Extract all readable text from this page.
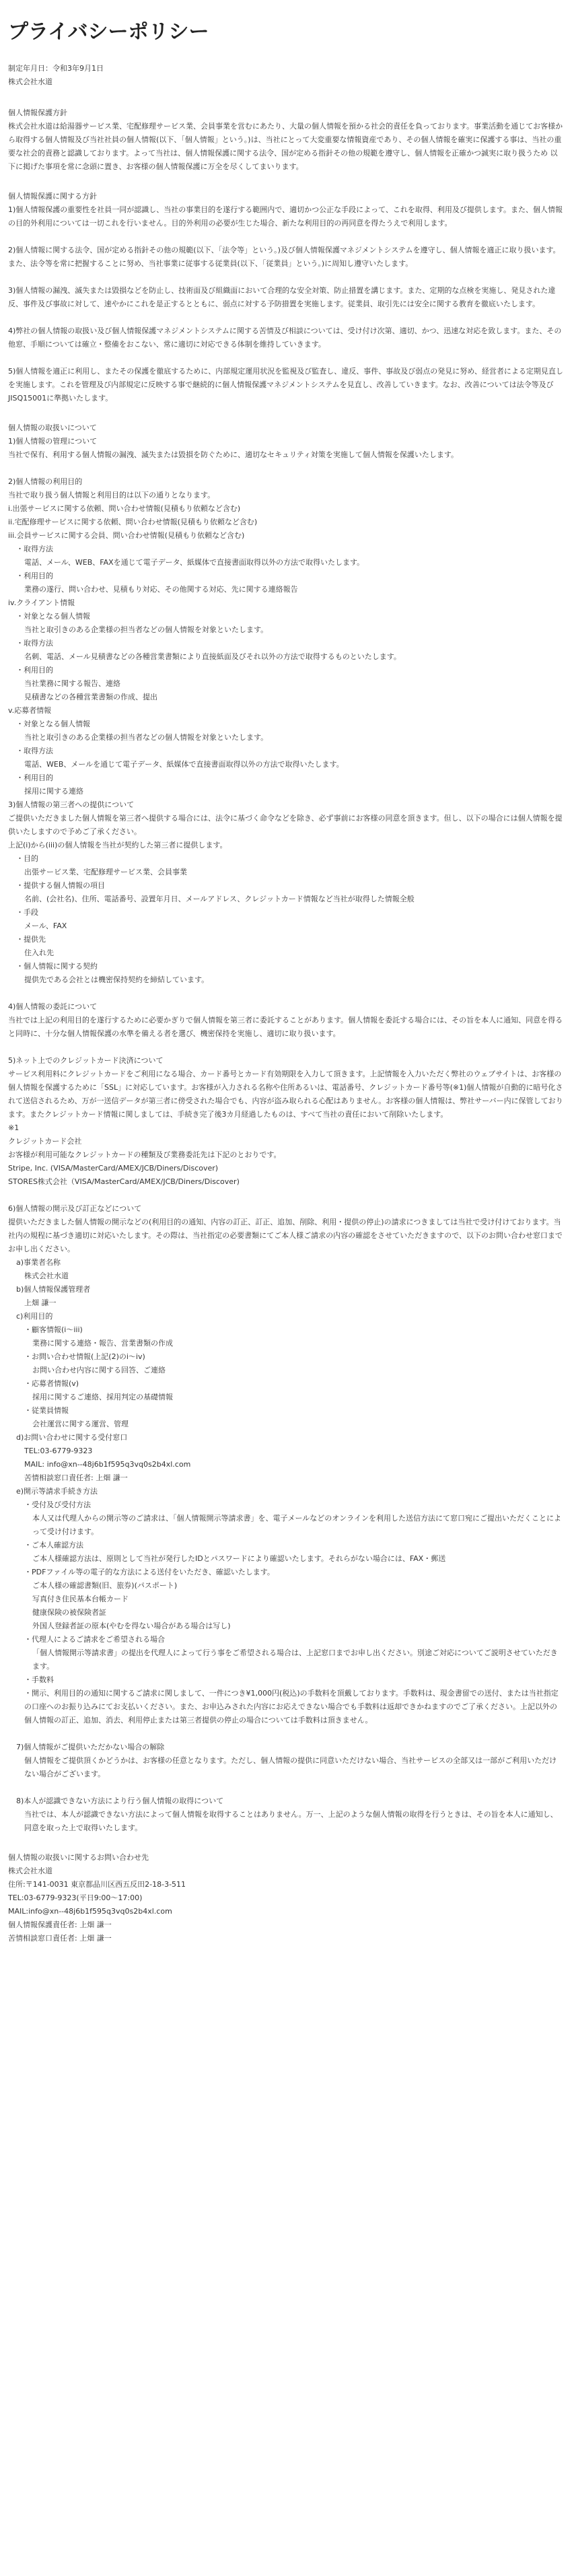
プライバシーポリシー
制定年月日：令和3年9月1日
株式会社水道
個人情報保護方針

株式会社水道は給湯器サービス業、宅配修理サービス業、会員事業を営むにあたり、大量の個人情報を預かる社会的責任を負っております。事業活動を通じてお客様から取得する個人情報及び当社社員の個人情報(以下、「個人情報」という。)は、当社にとって大変重要な情報資産であり、その個人情報を確実に保護する事は、当社の重要な社会的責務と認識しております。よって当社は、個人情報保護に関する法令、国が定める指針その他の規範を遵守し、個人情報を正確かつ誠実に取り扱うため 以下に掲げた事項を常に念頭に置き、お客様の個人情報保護に万全を尽くしてまいります。

個人情報保護に関する方針

1)個人情報保護の重要性を社員一同が認識し、当社の事業目的を遂行する範囲内で、適切かつ公正な手段によって、これを取得、利用及び提供します。また、個人情報の目的外利用については一切これを行いません。目的外利用の必要が生じた場合、新たな利用目的の再同意を得たうえで利用します。

2)個人情報に関する法令、国が定める指針その他の規範(以下、「法令等」という。)及び個人情報保護マネジメントシステムを遵守し、個人情報を適正に取り扱います。また、法令等を常に把握することに努め、当社事業に従事する従業員(以下、「従業員」という。)に周知し遵守いたします。

3)個人情報の漏洩、滅失または毀損などを防止し、技術面及び組織面において合理的な安全対策、防止措置を講じます。また、定期的な点検を実施し、発見された違反、事件及び事故に対して、速やかにこれを是正するとともに、弱点に対する予防措置を実施します。従業員、取引先には安全に関する教育を徹底いたします。

4)弊社の個人情報の取扱い及び個人情報保護マネジメントシステムに関する苦情及び相談については、受け付け次第、適切、かつ、迅速な対応を致します。また、その他窓、手順については確立・整備をおこない、常に適切に対応できる体制を維持していきます。

5)個人情報を適正に利用し、またその保護を徹底するために、内部規定運用状況を監視及び監査し、違反、事件、事故及び弱点の発見に努め、経営者による定期見直しを実施します。これを管理及び内部規定に反映する事で継続的に個人情報保護マネジメントシステムを見直し、改善していきます。なお、改善については法令等及びJISQ15001に準拠いたします。

個人情報の取扱いについて
1)個人情報の管理について
当社で保有、利用する個人情報の漏洩、滅失または毀損を防ぐために、適切なセキュリティ対策を実施して個人情報を保護いたします。

2)個人情報の利用目的
当社で取り扱う個人情報と利用目的は以下の通りとなります。
i.出張サービスに関する依頼、問い合わせ情報(見積もり依頼など含む)
ii.宅配修理サービスに関する依頼、問い合わせ情報(見積もり依頼など含む)
iii.会員サービスに関する会員、問い合わせ情報(見積もり依頼など含む)
・取得方法
電話、メール、WEB、FAXを通じて電子データ、紙媒体で直接書面取得以外の方法で取得いたします。
・利用目的
業務の遂行、問い合わせ、見積もり対応、その他関する対応、先に関する連絡報告
iv.クライアント情報
・対象となる個人情報
当社と取引きのある企業様の担当者などの個人情報を対象といたします。
・取得方法
名刺、電話、メール見積書などの各種営業書類により直接紙面及びそれ以外の方法で取得するものといたします。
・利用目的
当社業務に関する報告、連絡
見積書などの各種営業書類の作成、提出
v.応募者情報
・対象となる個人情報
当社と取引きのある企業様の担当者などの個人情報を対象といたします。
・取得方法
電話、WEB、メールを通じて電子データ、紙媒体で直接書面取得以外の方法で取得いたします。
・利用目的
採用に関する連絡
3)個人情報の第三者への提供について
ご提供いただきました個人情報を第三者へ提供する場合には、法令に基づく命令などを除き、必ず事前にお客様の同意を頂きます。但し、以下の場合には個人情報を提供いたしますので予めご了承ください。
上記(i)から(iii)の個人情報を当社が契約した第三者に提供します。
・目的
出張サービス業、宅配修理サービス業、会員事業
・提供する個人情報の項目
名前、(会社名)、住所、電話番号、設置年月日、メールアドレス、クレジットカード情報など当社が取得した情報全般
・手段
メール、FAX
・提供先
住入れ先
・個人情報に関する契約
提供先である会社とは機密保持契約を締結しています。

4)個人情報の委託について
当社では上記の利用目的を遂行するために必要かぎりで個人情報を第三者に委託することがあります。個人情報を委託する場合には、その旨を本人に通知、同意を得ると同時に、十分な個人情報保護の水準を備える者を選び、機密保持を実施し、適切に取り扱います。

5)ネット上でのクレジットカード決済について
サービス利用料にクレジットカードをご利用になる場合、カード番号とカード有効期限を入力して頂きます。上記情報を入力いただく弊社のウェブサイトは、お客様の個人情報を保護するために「SSL」に対応しています。お客様が入力される名称や住所あるいは、電話番号、クレジットカード番号等(※1)個人情報が自動的に暗号化されて送信されるため、万が一送信データが第三者に傍受された場合でも、内容が盗み取られる心配はありません。お客様の個人情報は、弊社サーバー内に保管しております。またクレジットカード情報に関しましては、手続き完了後3カ月経過したものは、すべて当社の責任において削除いたします。
※1
クレジットカード会社
お客様が利用可能なクレジットカードの種類及び業務委託先は下記のとおりです。
Stripe, Inc. (VISA/MasterCard/AMEX/JCB/Diners/Discover)
STORES株式会社（VISA/MasterCard/AMEX/JCB/Diners/Discover)

6)個人情報の開示及び訂正などについて
提供いただきました個人情報の開示などの(利用目的の通知、内容の訂正、訂正、追加、削除、利用・提供の停止)の請求につきましては当社で受け付けております。当社内の規程に基づき適切に対応いたします。その際は、当社指定の必要書類にてご本人様ご請求の内容の確認をさせていただきますので、以下のお問い合わせ窓口までお申し出ください。
a)事業者名称
株式会社水道
b)個人情報保護管理者
上畑 謙一
c)利用目的
・顧客情報(i〜iii)
業務に関する連絡・報告、営業書類の作成
・お問い合わせ情報(上記(2)のi〜iv)
お問い合わせ内容に関する回答、ご連絡
・応募者情報(v)
採用に関するご連絡、採用判定の基礎情報
・従業員情報
会社運営に関する運営、管理
d)お問い合わせに関する受付窓口
TEL:03-6779-9323
MAIL: info@xn--48j6b1f595q3vq0s2b4xl.com
苦情相談窓口責任者: 上畑 謙一
e)開示等請求手続き方法
・受付及び受付方法
本人又は代理人からの開示等のご請求は、「個人情報開示等請求書」を、電子メールなどのオンラインを利用した送信方法にて窓口宛にご提出いただくことによって受け付けます。
・ご本人確認方法
ご本人様確認方法は、原則として当社が発行したIDとパスワードにより確認いたします。それらがない場合には、FAX・郵送
・PDFファイル等の電子的な方法による送付をいただき、確認いたします。
ご本人様の確認書類(旧、旅券)(パスポート)
写真付き住民基本台帳カード
健康保険の被保険者証
外国人登録者証の原本(やむを得ない場合がある場合は写し)
・代理人によるご請求をご希望される場合
「個人情報開示等請求書」の提出を代理人によって行う事をご希望される場合は、上記窓口までお申し出ください。別途ご対応についてご説明させていただきます。
・手数料
・開示、利用目的の通知に関するご請求に関しまして、一件につき¥1,000円(税込)の手数料を頂戴しております。手数料は、現金書留での送付、または当社指定の口座へのお振り込みにてお支払いください。また、お申込みされた内容にお応えできない場合でも手数料は返却できかねますのでご了承ください。上記以外の個人情報の訂正、追加、消去、利用停止または第三者提供の停止の場合については手数料は頂きません。

7)個人情報がご提供いただかない場合の解除
個人情報をご提供頂くかどうかは、お客様の任意となります。ただし、個人情報の提供に同意いただけない場合、当社サービスの全部又は一部がご利用いただけない場合がございます。

8)本人が認識できない方法により行う個人情報の取得について
当社では、本人が認識できない方法によって個人情報を取得することはありません。万一、上記のような個人情報の取得を行うときは、その旨を本人に通知し、同意を取った上で取得いたします。
個人情報の取扱いに関するお問い合わせ先
株式会社水道
住所:〒141-0031 東京都品川区西五反田2-18-3-511
TEL:03-6779-9323(平日9:00〜17:00)
MAIL:info@xn--48j6b1f595q3vq0s2b4xl.com
個人情報保護責任者: 上畑 謙一
苦情相談窓口責任者: 上畑 謙一
